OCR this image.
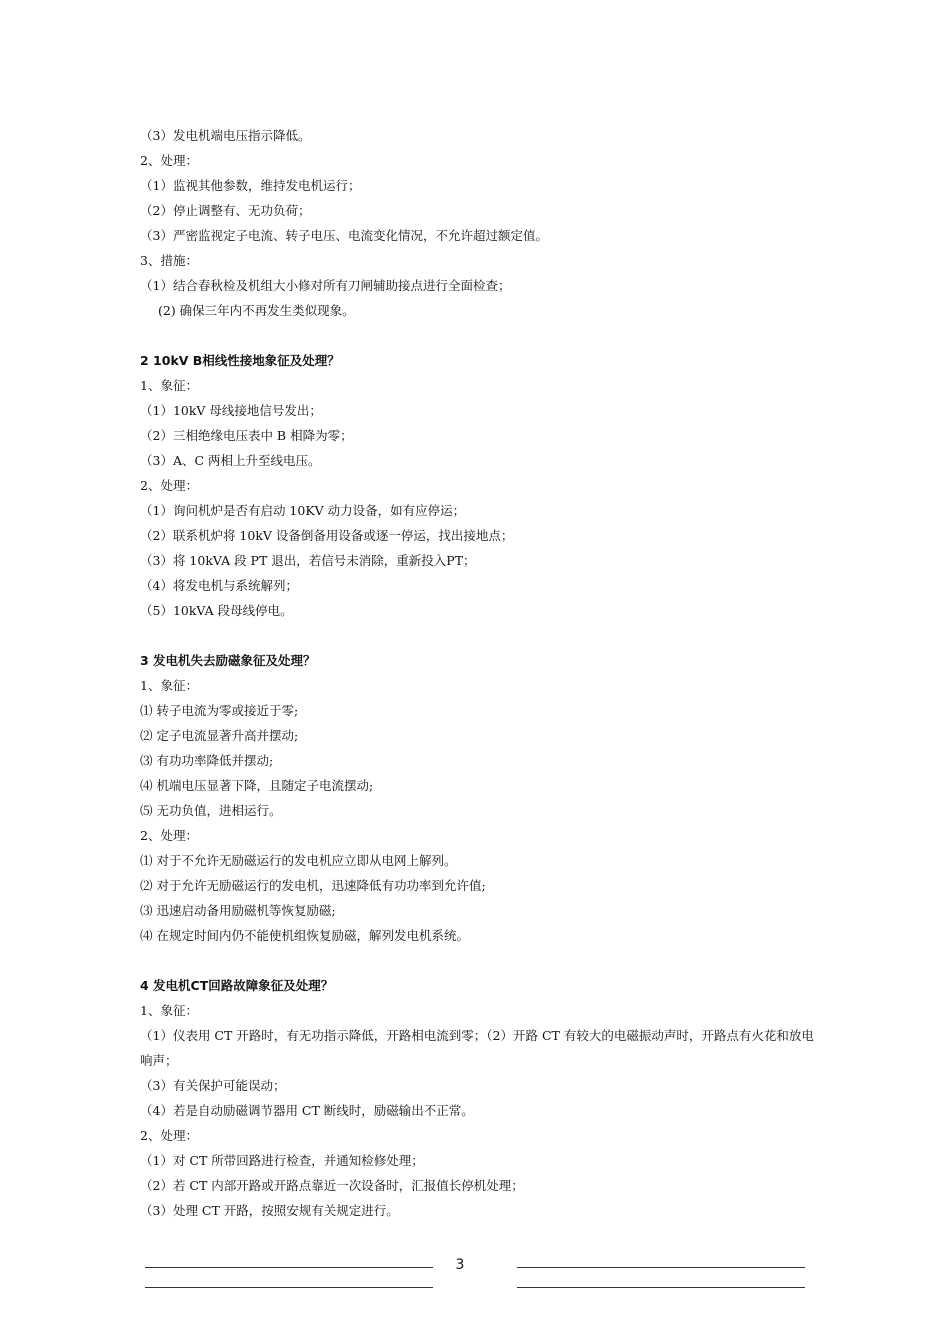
（3）发电机端电压指示降低。
2、处理：
（1）监视其他参数，维持发电机运行；
（2）停止调整有、无功负荷；
（3）严密监视定子电流、转子电压、电流变化情况，不允许超过额定值。
3、措施：
（1）结合春秋检及机组大小修对所有刀闸辅助接点进行全面检查；
(2) 确保三年内不再发生类似现象。
2 10kV B相线性接地象征及处理？
1、象征：
（1）10kV 母线接地信号发出；
（2）三相绝缘电压表中 B 相降为零；
（3）A、C 两相上升至线电压。
2、处理：
（1）询问机炉是否有启动 10KV 动力设备，如有应停运；
（2）联系机炉将 10kV 设备倒备用设备或逐一停运，找出接地点；
（3）将 10kVA 段 PT 退出，若信号未消除，重新投入PT；
（4）将发电机与系统解列；
（5）10kVA 段母线停电。
3 发电机失去励磁象征及处理？
1、象征：
⑴ 转子电流为零或接近于零;
⑵ 定子电流显著升高并摆动;
⑶ 有功功率降低并摆动;
⑷ 机端电压显著下降，且随定子电流摆动;
⑸ 无功负值，进相运行。
2、处理：
⑴ 对于不允许无励磁运行的发电机应立即从电网上解列。
⑵ 对于允许无励磁运行的发电机，迅速降低有功功率到允许值;
⑶ 迅速启动备用励磁机等恢复励磁;
⑷ 在规定时间内仍不能使机组恢复励磁，解列发电机系统。
4 发电机CT回路故障象征及处理？
1、象征：
（1）仪表用 CT 开路时，有无功指示降低，开路相电流到零；（2）开路 CT 有较大的电磁振动声时，开路点有火花和放电响声；
（3）有关保护可能误动；
（4）若是自动励磁调节器用 CT 断线时，励磁输出不正常。
2、处理：
（1）对 CT 所带回路进行检查，并通知检修处理；
（2）若 CT 内部开路或开路点靠近一次设备时，汇报值长停机处理；
（3）处理 CT 开路，按照安规有关规定进行。
3
